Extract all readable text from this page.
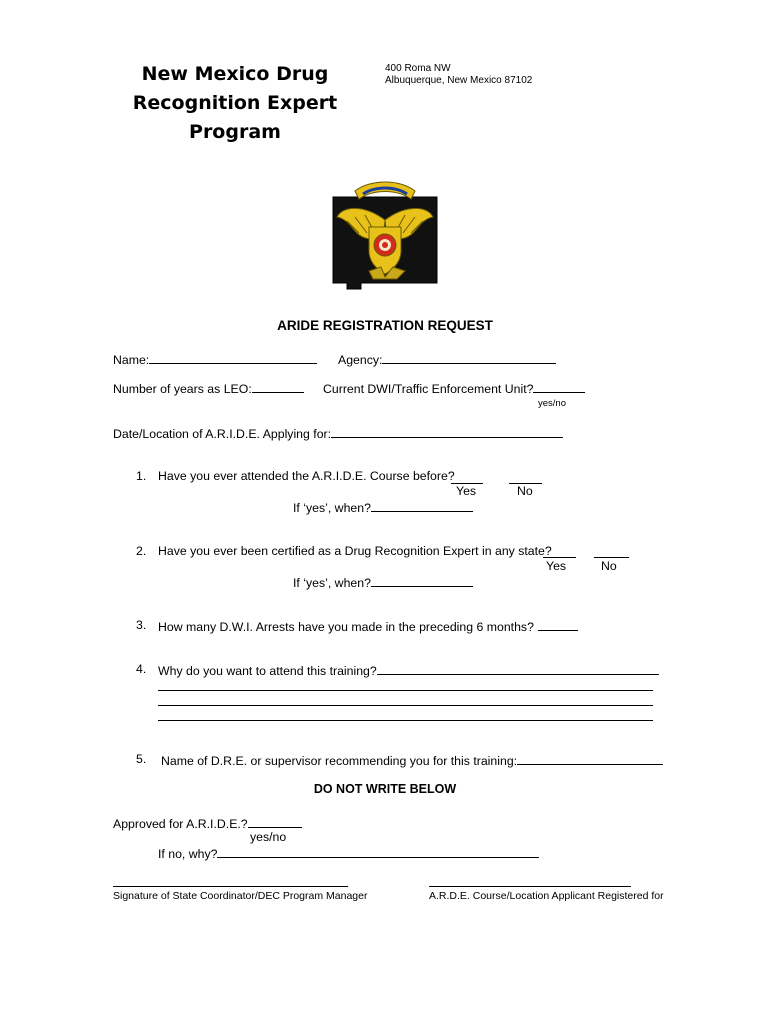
New Mexico Drug
Recognition Expert
Program
400 Roma NW
Albuquerque, New Mexico 87102
ARIDE REGISTRATION REQUEST
Name:	Agency:
Number of years as LEO:	Current DWI/Traffic Enforcement Unit?
yes/no
Date/Location of A.R.I.D.E. Applying for:
1. Have you ever attended the A.R.I.D.E. Course before?
Yes	No
If ‘yes’, when?
2. Have you ever been certified as a Drug Recognition Expert in any state?
Yes	No
If ‘yes’, when?
3. How many D.W.I. Arrests have you made in the preceding 6 months?
4. Why do you want to attend this training?
5. Name of D.R.E. or supervisor recommending you for this training:
DO NOT WRITE BELOW
Approved for A.R.I.D.E.?
yes/no
If no, why?
Signature of State Coordinator/DEC Program Manager	A.R.D.E. Course/Location Applicant Registered for
